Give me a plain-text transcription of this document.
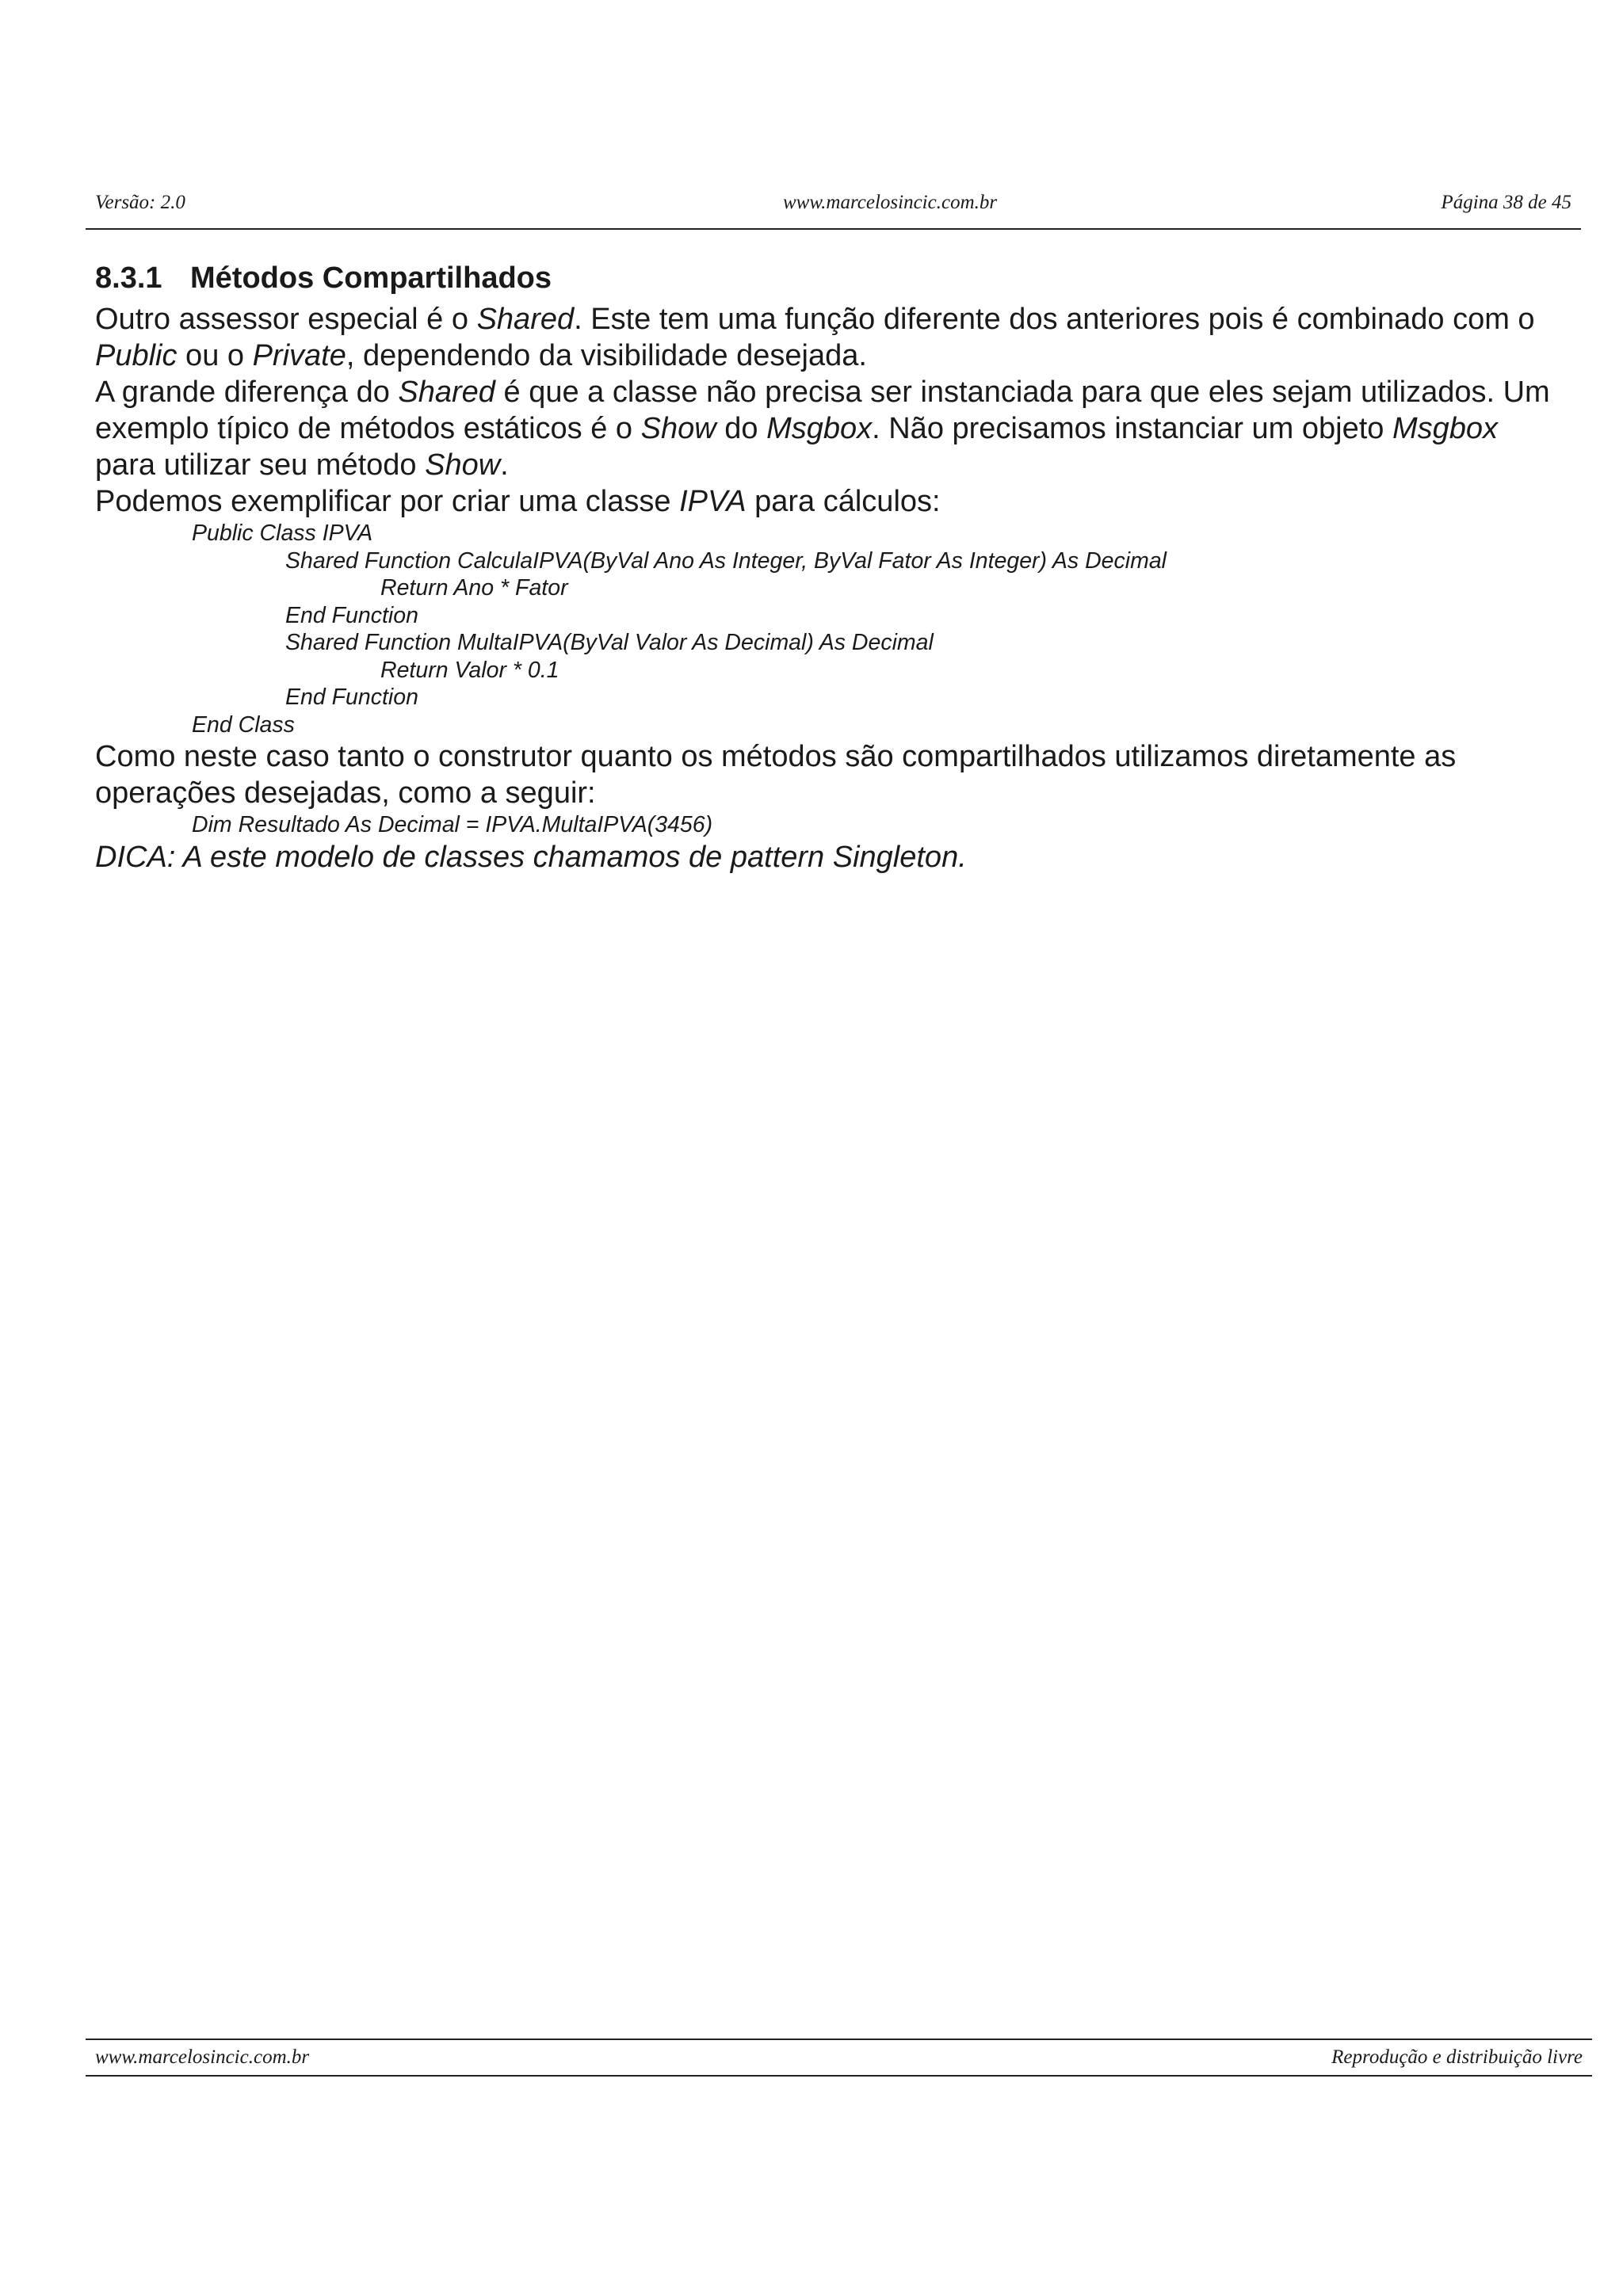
Versão: 2.0	www.marcelosincic.com.br	Página 38 de 45
8.3.1 Métodos Compartilhados

Outro assessor especial é o Shared. Este tem uma função diferente dos anteriores pois é combinado com o Public ou o Private, dependendo da visibilidade desejada.

A grande diferença do Shared é que a classe não precisa ser instanciada para que eles sejam utilizados. Um exemplo típico de métodos estáticos é o Show do Msgbox. Não precisamos instanciar um objeto Msgbox para utilizar seu método Show.

Podemos exemplificar por criar uma classe IPVA para cálculos:

Public Class IPVA

Shared Function CalculaIPVA(ByVal Ano As Integer, ByVal Fator As Integer) As Decimal

Return Ano * Fator

End Function

Shared Function MultaIPVA(ByVal Valor As Decimal) As Decimal

Return Valor * 0.1

End Function

End Class

Como neste caso tanto o construtor quanto os métodos são compartilhados utilizamos diretamente as operações desejadas, como a seguir:

Dim Resultado As Decimal = IPVA.MultaIPVA(3456)

DICA: A este modelo de classes chamamos de pattern Singleton.

www.marcelosincic.com.br	Reprodução e distribuição livre
